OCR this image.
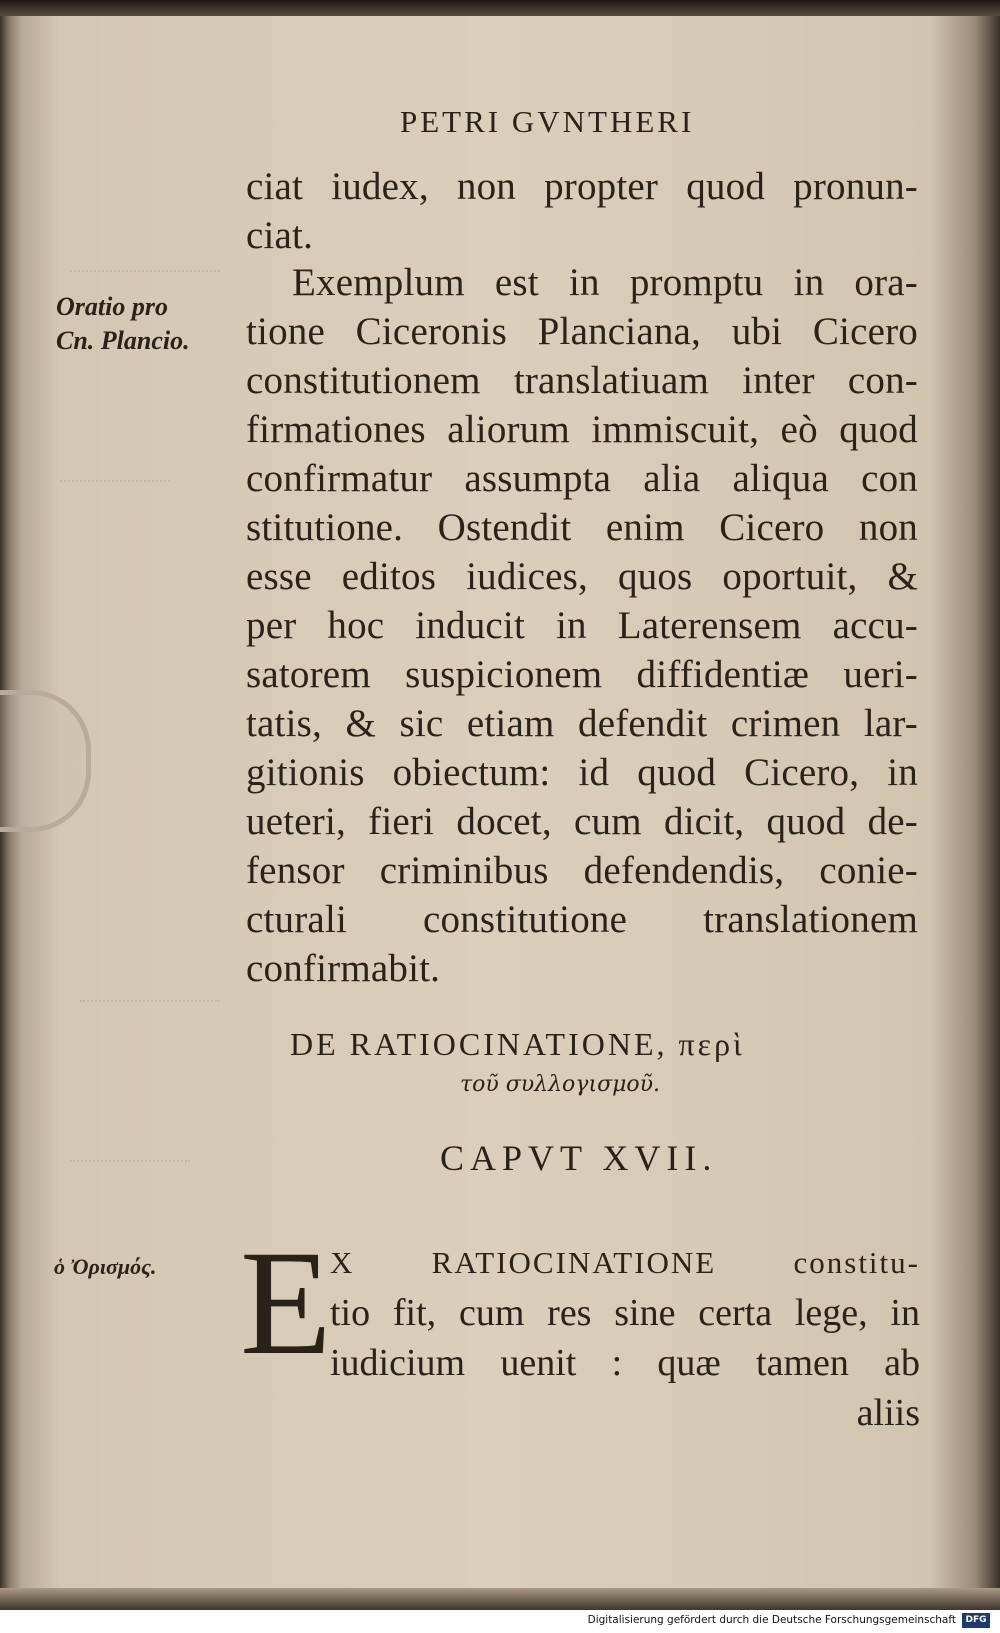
PETRI GVNTHERI
Oratio pro
Cn. Plancio.
ciat iudex, non propter quod pronun-
ciat.
Exemplum est in promptu in ora-
tione Ciceronis Planciana, ubi Cicero
constitutionem translatiuam inter con-
firmationes aliorum immiscuit, eò quod
confirmatur assumpta alia aliqua con
stitutione. Ostendit enim Cicero non
esse editos iudices, quos oportuit, &
per hoc inducit in Laterensem accu-
satorem suspicionem diffidentiæ ueri-
tatis, & sic etiam defendit crimen lar-
gitionis obiectum: id quod Cicero, in
ueteri, fieri docet, cum dicit, quod de-
fensor criminibus defendendis, conie-
cturali constitutione translationem
confirmabit.
DE RATIOCINATIONE, περὶ
τοῦ συλλογισμοῦ.
CAPVT XVII.
ὁ Ὀρισμός. E
X RATIOCINATIONE constitu-
tio fit, cum res sine certa lege, in
iudicium uenit : quæ tamen ab
aliis
Digitalisierung gefördert durch die Deutsche Forschungsgemeinschaft	DFG
